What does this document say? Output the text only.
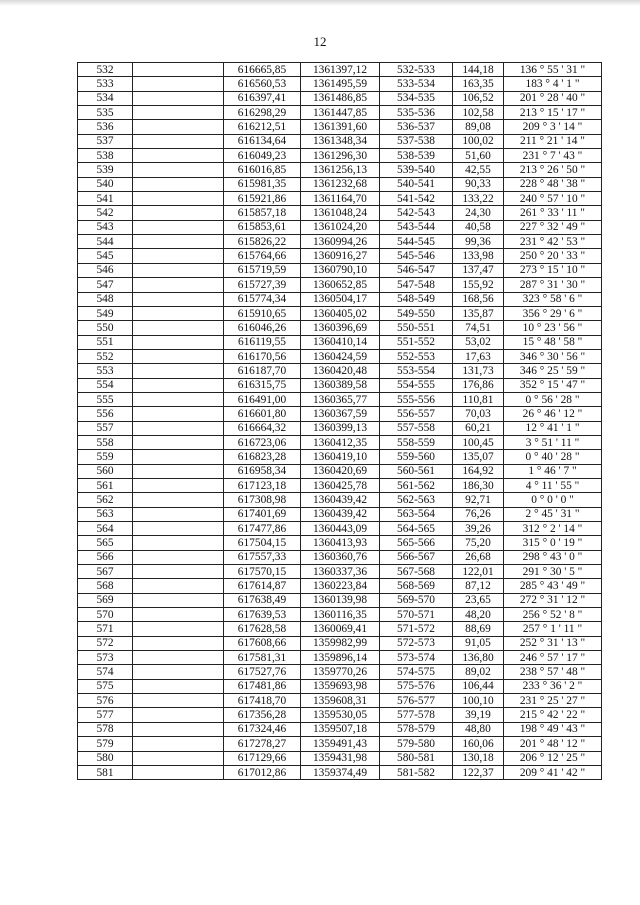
12
532		616665,85	1361397,12	532-533	144,18	136 ° 55 ' 31 "
533		616560,53	1361495,59	533-534	163,35	183 ° 4 ' 1 "
534		616397,41	1361486,85	534-535	106,52	201 ° 28 ' 40 "
535		616298,29	1361447,85	535-536	102,58	213 ° 15 ' 17 "
536		616212,51	1361391,60	536-537	89,08	209 ° 3 ' 14 "
537		616134,64	1361348,34	537-538	100,02	211 ° 21 ' 14 "
538		616049,23	1361296,30	538-539	51,60	231 ° 7 ' 43 "
539		616016,85	1361256,13	539-540	42,55	213 ° 26 ' 50 "
540		615981,35	1361232,68	540-541	90,33	228 ° 48 ' 38 "
541		615921,86	1361164,70	541-542	133,22	240 ° 57 ' 10 "
542		615857,18	1361048,24	542-543	24,30	261 ° 33 ' 11 "
543		615853,61	1361024,20	543-544	40,58	227 ° 32 ' 49 "
544		615826,22	1360994,26	544-545	99,36	231 ° 42 ' 53 "
545		615764,66	1360916,27	545-546	133,98	250 ° 20 ' 33 "
546		615719,59	1360790,10	546-547	137,47	273 ° 15 ' 10 "
547		615727,39	1360652,85	547-548	155,92	287 ° 31 ' 30 "
548		615774,34	1360504,17	548-549	168,56	323 ° 58 ' 6 "
549		615910,65	1360405,02	549-550	135,87	356 ° 29 ' 6 "
550		616046,26	1360396,69	550-551	74,51	10 ° 23 ' 56 "
551		616119,55	1360410,14	551-552	53,02	15 ° 48 ' 58 "
552		616170,56	1360424,59	552-553	17,63	346 ° 30 ' 56 "
553		616187,70	1360420,48	553-554	131,73	346 ° 25 ' 59 "
554		616315,75	1360389,58	554-555	176,86	352 ° 15 ' 47 "
555		616491,00	1360365,77	555-556	110,81	0 ° 56 ' 28 "
556		616601,80	1360367,59	556-557	70,03	26 ° 46 ' 12 "
557		616664,32	1360399,13	557-558	60,21	12 ° 41 ' 1 "
558		616723,06	1360412,35	558-559	100,45	3 ° 51 ' 11 "
559		616823,28	1360419,10	559-560	135,07	0 ° 40 ' 28 "
560		616958,34	1360420,69	560-561	164,92	1 ° 46 ' 7 "
561		617123,18	1360425,78	561-562	186,30	4 ° 11 ' 55 "
562		617308,98	1360439,42	562-563	92,71	0 ° 0 ' 0 "
563		617401,69	1360439,42	563-564	76,26	2 ° 45 ' 31 "
564		617477,86	1360443,09	564-565	39,26	312 ° 2 ' 14 "
565		617504,15	1360413,93	565-566	75,20	315 ° 0 ' 19 "
566		617557,33	1360360,76	566-567	26,68	298 ° 43 ' 0 "
567		617570,15	1360337,36	567-568	122,01	291 ° 30 ' 5 "
568		617614,87	1360223,84	568-569	87,12	285 ° 43 ' 49 "
569		617638,49	1360139,98	569-570	23,65	272 ° 31 ' 12 "
570		617639,53	1360116,35	570-571	48,20	256 ° 52 ' 8 "
571		617628,58	1360069,41	571-572	88,69	257 ° 1 ' 11 "
572		617608,66	1359982,99	572-573	91,05	252 ° 31 ' 13 "
573		617581,31	1359896,14	573-574	136,80	246 ° 57 ' 17 "
574		617527,76	1359770,26	574-575	89,02	238 ° 57 ' 48 "
575		617481,86	1359693,98	575-576	106,44	233 ° 36 ' 2 "
576		617418,70	1359608,31	576-577	100,10	231 ° 25 ' 27 "
577		617356,28	1359530,05	577-578	39,19	215 ° 42 ' 22 "
578		617324,46	1359507,18	578-579	48,80	198 ° 49 ' 43 "
579		617278,27	1359491,43	579-580	160,06	201 ° 48 ' 12 "
580		617129,66	1359431,98	580-581	130,18	206 ° 12 ' 25 "
581		617012,86	1359374,49	581-582	122,37	209 ° 41 ' 42 "
